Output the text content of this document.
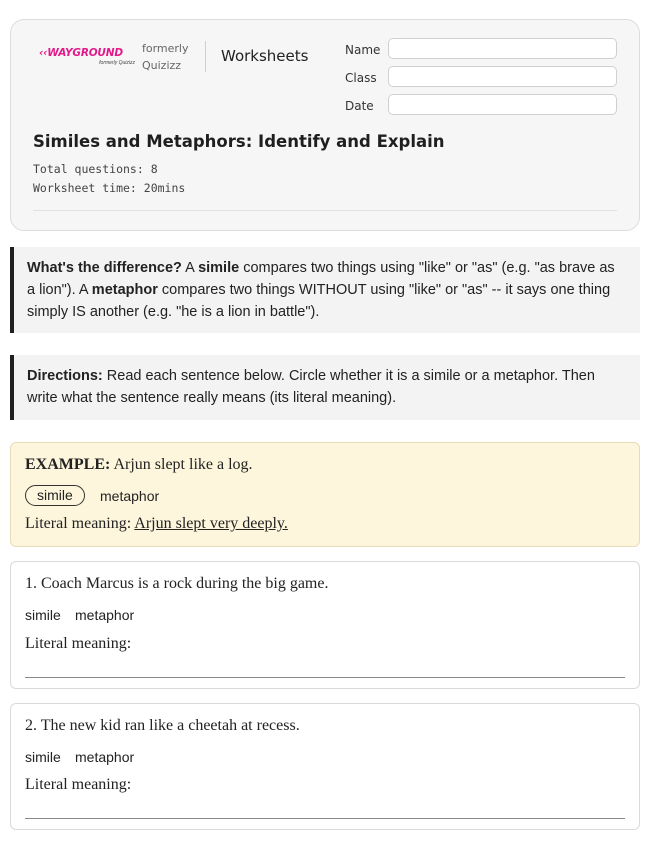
‹‹WAYGROUND
formerly Quizizz
formerly Quizizz
Worksheets	Name
Class
Date
Similes and Metaphors: Identify and Explain
Total questions: 8
Worksheet time: 20mins
What's the difference? A simile compares two things using "like" or "as" (e.g. "as brave as a lion"). A metaphor compares two things WITHOUT using "like" or "as" -- it says one thing simply IS another (e.g. "he is a lion in battle").
Directions: Read each sentence below. Circle whether it is a simile or a metaphor. Then write what the sentence really means (its literal meaning).
EXAMPLE: Arjun slept like a log.
simile	metaphor
Literal meaning: Arjun slept very deeply.
1. Coach Marcus is a rock during the big game.
simile metaphor
Literal meaning:
2. The new kid ran like a cheetah at recess.
simile metaphor
Literal meaning:
